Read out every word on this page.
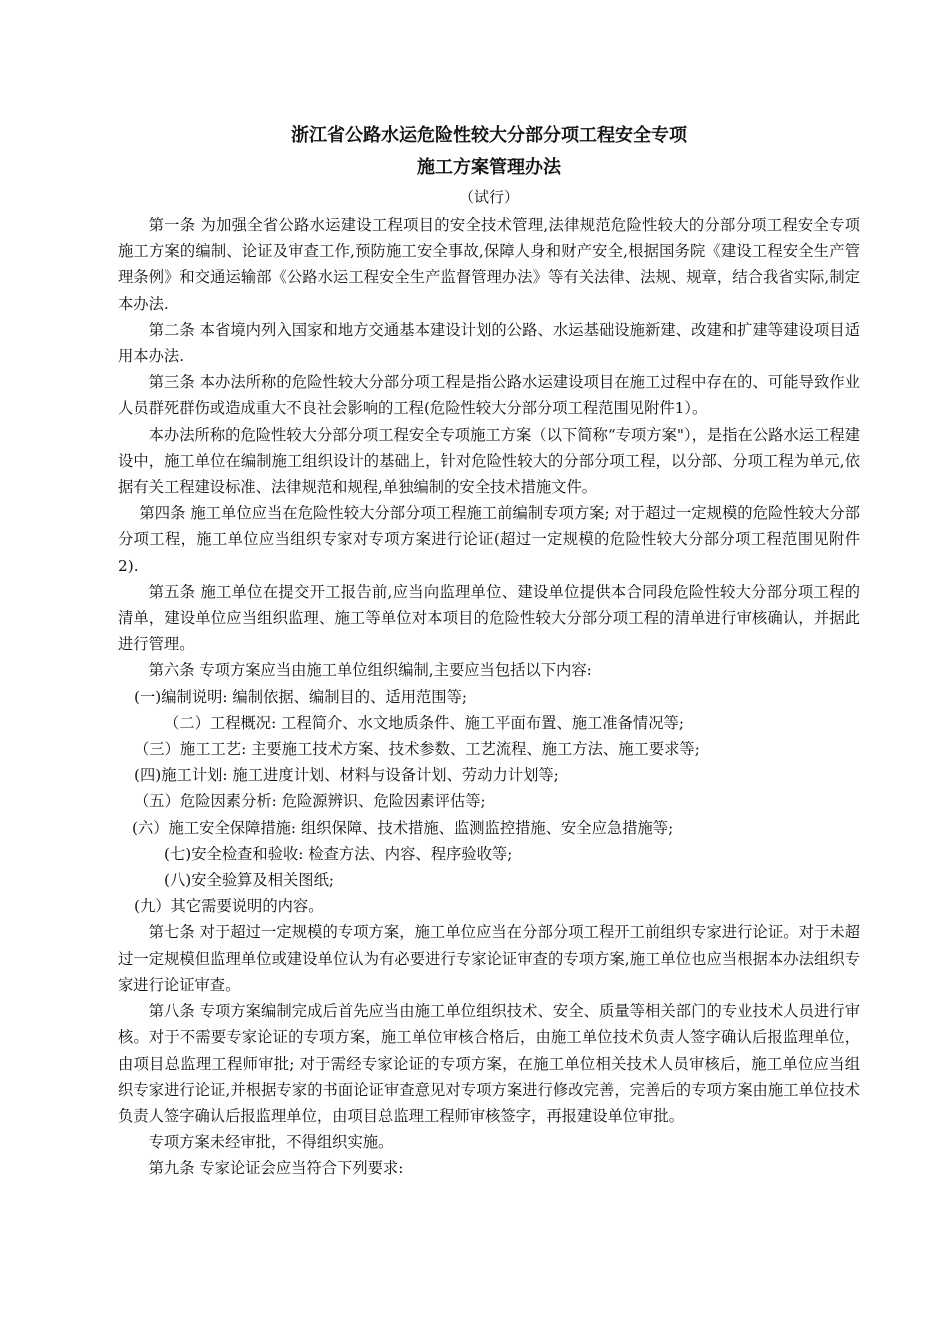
浙江省公路水运危险性较大分部分项工程安全专项

施工方案管理办法

（试行）

第一条 为加强全省公路水运建设工程项目的安全技术管理,法律规范危险性较大的分部分项工程安全专项施工方案的编制、论证及审查工作,预防施工安全事故,保障人身和财产安全,根据国务院《建设工程安全生产管理条例》和交通运输部《公路水运工程安全生产监督管理办法》等有关法律、法规、规章，结合我省实际,制定本办法.

第二条 本省境内列入国家和地方交通基本建设计划的公路、水运基础设施新建、改建和扩建等建设项目适用本办法.

第三条 本办法所称的危险性较大分部分项工程是指公路水运建设项目在施工过程中存在的、可能导致作业人员群死群伤或造成重大不良社会影响的工程(危险性较大分部分项工程范围见附件1）。

本办法所称的危险性较大分部分项工程安全专项施工方案（以下简称“专项方案"），是指在公路水运工程建设中，施工单位在编制施工组织设计的基础上，针对危险性较大的分部分项工程，以分部、分项工程为单元,依据有关工程建设标准、法律规范和规程,单独编制的安全技术措施文件。

第四条 施工单位应当在危险性较大分部分项工程施工前编制专项方案; 对于超过一定规模的危险性较大分部分项工程，施工单位应当组织专家对专项方案进行论证(超过一定规模的危险性较大分部分项工程范围见附件 2).

第五条 施工单位在提交开工报告前,应当向监理单位、建设单位提供本合同段危险性较大分部分项工程的清单，建设单位应当组织监理、施工等单位对本项目的危险性较大分部分项工程的清单进行审核确认，并据此进行管理。

第六条 专项方案应当由施工单位组织编制,主要应当包括以下内容:

(一)编制说明: 编制依据、编制目的、适用范围等;

（二）工程概况: 工程简介、水文地质条件、施工平面布置、施工准备情况等;

（三）施工工艺: 主要施工技术方案、技术参数、工艺流程、施工方法、施工要求等;

(四)施工计划: 施工进度计划、材料与设备计划、劳动力计划等;

（五）危险因素分析: 危险源辨识、危险因素评估等;

(六）施工安全保障措施: 组织保障、技术措施、监测监控措施、安全应急措施等;

(七)安全检查和验收: 检查方法、内容、程序验收等;

(八)安全验算及相关图纸;

(九）其它需要说明的内容。

第七条 对于超过一定规模的专项方案，施工单位应当在分部分项工程开工前组织专家进行论证。对于未超过一定规模但监理单位或建设单位认为有必要进行专家论证审查的专项方案,施工单位也应当根据本办法组织专家进行论证审查。

第八条 专项方案编制完成后首先应当由施工单位组织技术、安全、质量等相关部门的专业技术人员进行审核。对于不需要专家论证的专项方案，施工单位审核合格后，由施工单位技术负责人签字确认后报监理单位，由项目总监理工程师审批; 对于需经专家论证的专项方案，在施工单位相关技术人员审核后，施工单位应当组织专家进行论证,并根据专家的书面论证审查意见对专项方案进行修改完善，完善后的专项方案由施工单位技术负责人签字确认后报监理单位，由项目总监理工程师审核签字，再报建设单位审批。

专项方案未经审批，不得组织实施。

第九条 专家论证会应当符合下列要求:
